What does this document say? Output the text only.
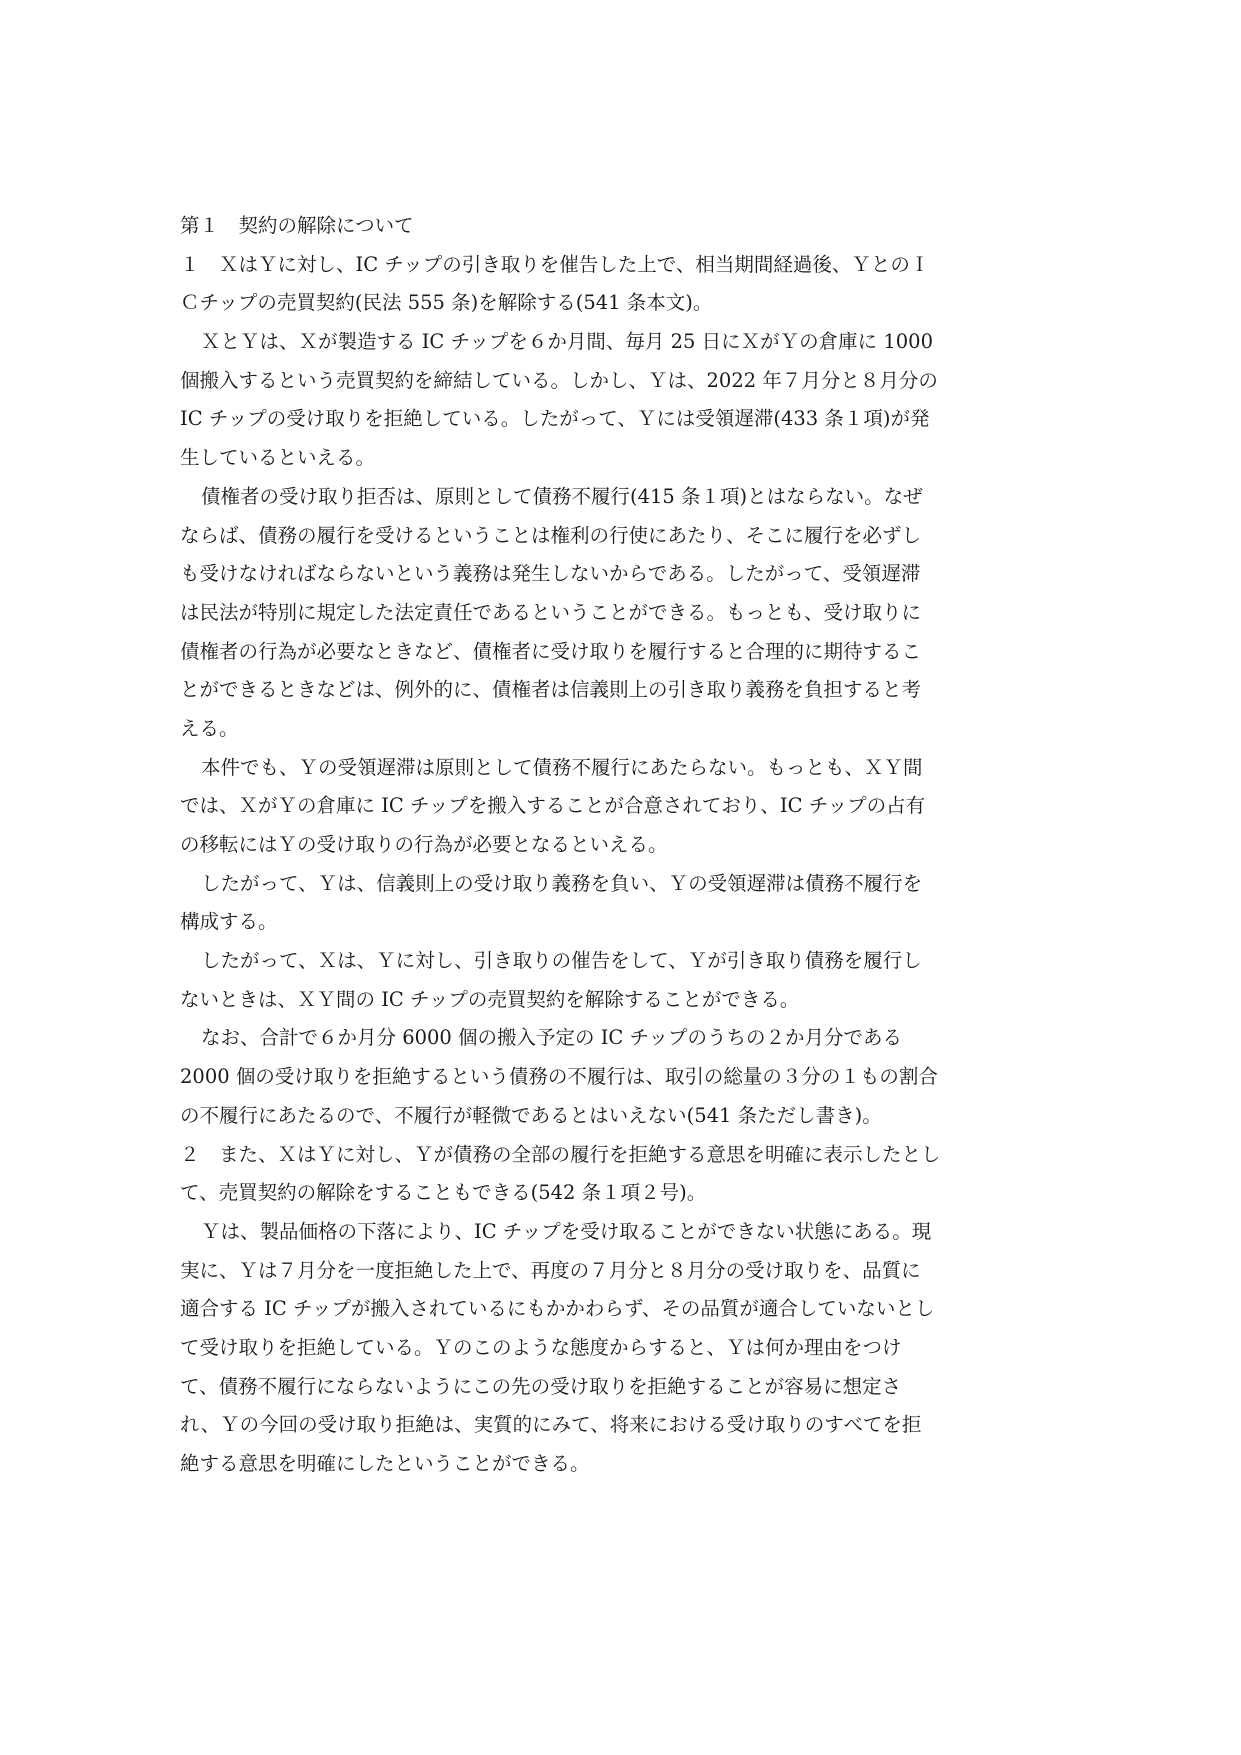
第１　契約の解除について
１　ＸはＹに対し、IC チップの引き取りを催告した上で、相当期間経過後、ＹとのＩ
Ｃチップの売買契約(民法 555 条)を解除する(541 条本文)。
ＸとＹは、Ｘが製造する IC チップを６か月間、毎月 25 日にＸがＹの倉庫に 1000
個搬入するという売買契約を締結している。しかし、Ｙは、2022 年７月分と８月分の
IC チップの受け取りを拒絶している。したがって、Ｙには受領遅滞(433 条１項)が発
生しているといえる。
債権者の受け取り拒否は、原則として債務不履行(415 条１項)とはならない。なぜ
ならば、債務の履行を受けるということは権利の行使にあたり、そこに履行を必ずし
も受けなければならないという義務は発生しないからである。したがって、受領遅滞
は民法が特別に規定した法定責任であるということができる。もっとも、受け取りに
債権者の行為が必要なときなど、債権者に受け取りを履行すると合理的に期待するこ
とができるときなどは、例外的に、債権者は信義則上の引き取り義務を負担すると考
える。
本件でも、Ｙの受領遅滞は原則として債務不履行にあたらない。もっとも、ＸＹ間
では、ＸがＹの倉庫に IC チップを搬入することが合意されており、IC チップの占有
の移転にはＹの受け取りの行為が必要となるといえる。
したがって、Ｙは、信義則上の受け取り義務を負い、Ｙの受領遅滞は債務不履行を
構成する。
したがって、Ｘは、Ｙに対し、引き取りの催告をして、Ｙが引き取り債務を履行し
ないときは、ＸＹ間の IC チップの売買契約を解除することができる。
なお、合計で６か月分 6000 個の搬入予定の IC チップのうちの２か月分である
2000 個の受け取りを拒絶するという債務の不履行は、取引の総量の３分の１もの割合
の不履行にあたるので、不履行が軽微であるとはいえない(541 条ただし書き)。
２　また、ＸはＹに対し、Ｙが債務の全部の履行を拒絶する意思を明確に表示したとし
て、売買契約の解除をすることもできる(542 条１項２号)。
Ｙは、製品価格の下落により、IC チップを受け取ることができない状態にある。現
実に、Ｙは７月分を一度拒絶した上で、再度の７月分と８月分の受け取りを、品質に
適合する IC チップが搬入されているにもかかわらず、その品質が適合していないとし
て受け取りを拒絶している。Ｙのこのような態度からすると、Ｙは何か理由をつけ
て、債務不履行にならないようにこの先の受け取りを拒絶することが容易に想定さ
れ、Ｙの今回の受け取り拒絶は、実質的にみて、将来における受け取りのすべてを拒
絶する意思を明確にしたということができる。
